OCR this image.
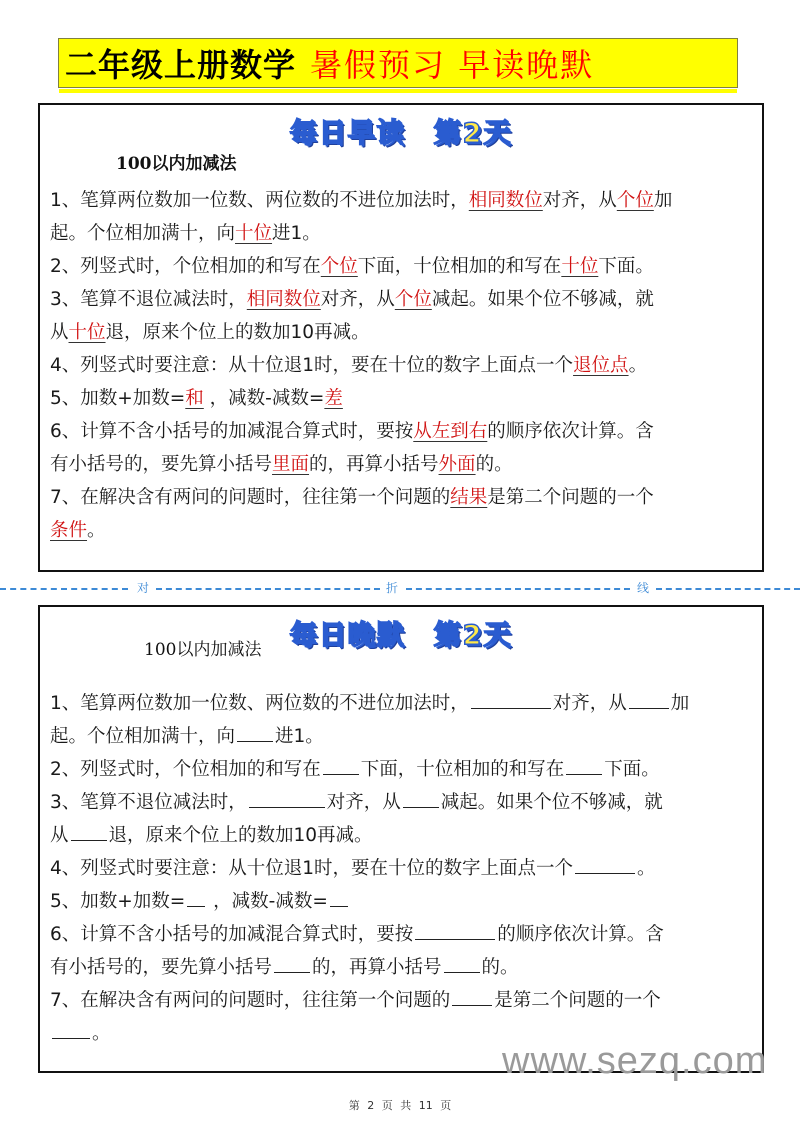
二年级上册数学 暑假预习 早读晚默
每日早读 第2天
100以内加减法
1、笔算两位数加一位数、两位数的不进位加法时，相同数位对齐，从个位加
起。个位相加满十，向十位进1。
2、列竖式时，个位相加的和写在个位下面，十位相加的和写在十位下面。
3、笔算不退位减法时，相同数位对齐，从个位减起。如果个位不够减，就
从十位退，原来个位上的数加10再减。
4、列竖式时要注意：从十位退1时，要在十位的数字上面点一个退位点。
5、加数+加数=和 ，减数-减数=差
6、计算不含小括号的加减混合算式时，要按从左到右的顺序依次计算。含
有小括号的，要先算小括号里面的，再算小括号外面的。
7、在解决含有两问的问题时，往往第一个问题的结果是第二个问题的一个
条件。
对	折	线
每日晚默 第2天
100以内加减法
1、笔算两位数加一位数、两位数的不进位加法时，	对齐，从 加
起。个位相加满十，向 进1。
2、列竖式时，个位相加的和写在 下面，十位相加的和写在 下面。
3、笔算不退位减法时，	对齐，从 减起。如果个位不够减，就
从 退，原来个位上的数加10再减。
4、列竖式时要注意：从十位退1时，要在十位的数字上面点一个	。
5、加数+加数= ，减数-减数=
6、计算不含小括号的加减混合算式时，要按	的顺序依次计算。含
有小括号的，要先算小括号 的，再算小括号 的。
7、在解决含有两问的问题时，往往第一个问题的 是第二个问题的一个
。
www.sezq.com
第 2 页 共 11 页
